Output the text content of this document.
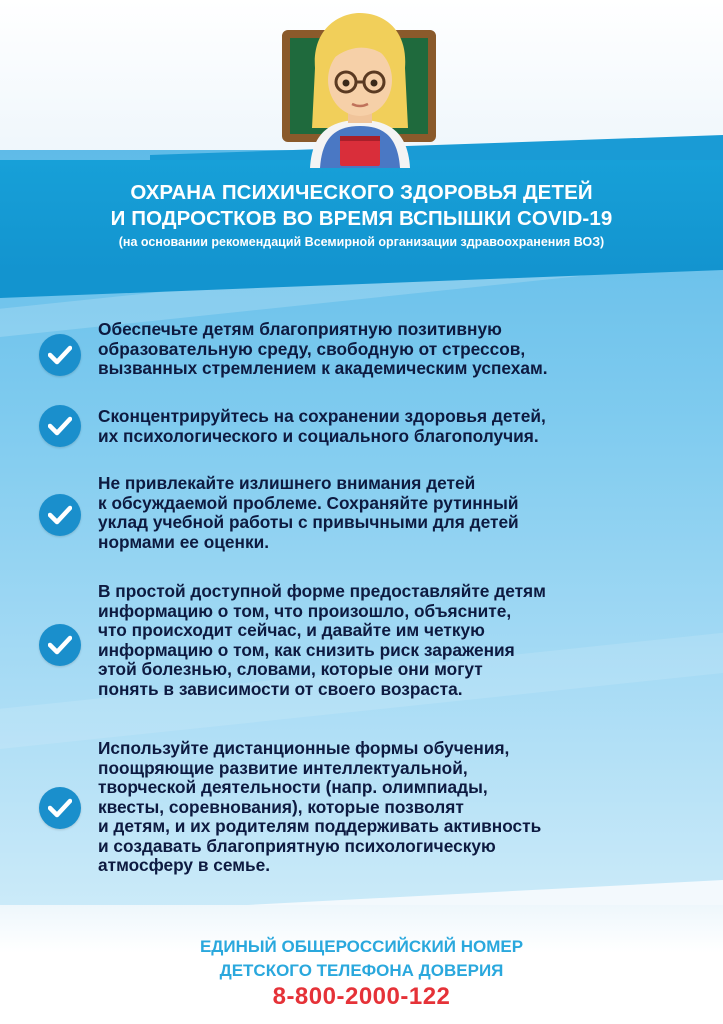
ОХРАНА ПСИХИЧЕСКОГО ЗДОРОВЬЯ ДЕТЕЙ
И ПОДРОСТКОВ ВО ВРЕМЯ ВСПЫШКИ COVID-19
(на основании рекомендаций Всемирной организации здравоохранения ВОЗ)
Обеспечьте детям благоприятную позитивную
образовательную среду, свободную от стрессов,
вызванных стремлением к академическим успехам.
Сконцентрируйтесь на сохранении здоровья детей,
их психологического и социального благополучия.
Не привлекайте излишнего внимания детей
к обсуждаемой проблеме. Сохраняйте рутинный
уклад учебной работы с привычными для детей
нормами ее оценки.
В простой доступной форме предоставляйте детям
информацию о том, что произошло, объясните,
что происходит сейчас, и давайте им четкую
информацию о том, как снизить риск заражения
этой болезнью, словами, которые они могут
понять в зависимости от своего возраста.
Используйте дистанционные формы обучения,
поощряющие развитие интеллектуальной,
творческой деятельности (напр. олимпиады,
квесты, соревнования), которые позволят
и детям, и их родителям поддерживать активность
и создавать благоприятную психологическую
атмосферу в семье.
ЕДИНЫЙ ОБЩЕРОССИЙСКИЙ НОМЕР
ДЕТСКОГО ТЕЛЕФОНА ДОВЕРИЯ
8-800-2000-122
